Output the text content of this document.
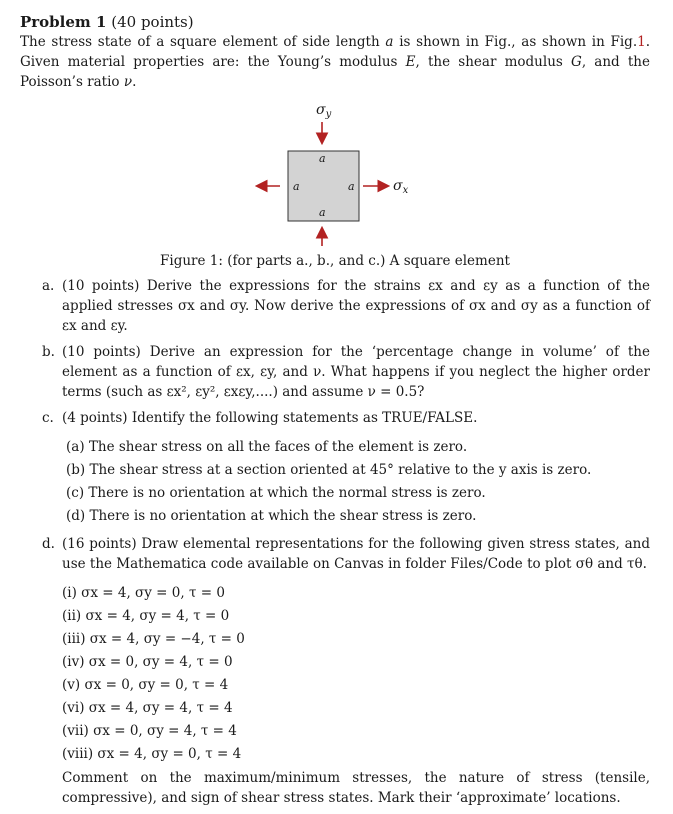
Problem 1 (40 points)

The stress state of a square element of side length a is shown in Fig., as shown in Fig.1. Given material properties are: the Young’s modulus E, the shear modulus G, and the Poisson’s ratio ν.

$\sigma_y$
$\sigma_x$
a
a	a
a

Figure 1: (for parts a., b., and c.) A square element

a. (10 points) Derive the expressions for the strains εx and εy as a function of the applied stresses σx and σy. Now derive the expressions of σx and σy as a function of εx and εy.
b. (10 points) Derive an expression for the ‘percentage change in volume’ of the element as a function of εx, εy, and ν. What happens if you neglect the higher order terms (such as εx², εy², εxεy,....) and assume ν = 0.5?
c. (4 points) Identify the following statements as TRUE/FALSE.
(a) The shear stress on all the faces of the element is zero.
(b) The shear stress at a section oriented at 45° relative to the y axis is zero.
(c) There is no orientation at which the normal stress is zero.
(d) There is no orientation at which the shear stress is zero.
d. (16 points) Draw elemental representations for the following given stress states, and use the Mathematica code available on Canvas in folder Files/Code to plot σθ and τθ.
(i) σx = 4, σy = 0, τ = 0
(ii) σx = 4, σy = 4, τ = 0
(iii) σx = 4, σy = −4, τ = 0
(iv) σx = 0, σy = 4, τ = 0
(v) σx = 0, σy = 0, τ = 4
(vi) σx = 4, σy = 4, τ = 4
(vii) σx = 0, σy = 4, τ = 4
(viii) σx = 4, σy = 0, τ = 4
Comment on the maximum/minimum stresses, the nature of stress (tensile, compressive), and sign of shear stress states. Mark their ‘approximate’ locations.
